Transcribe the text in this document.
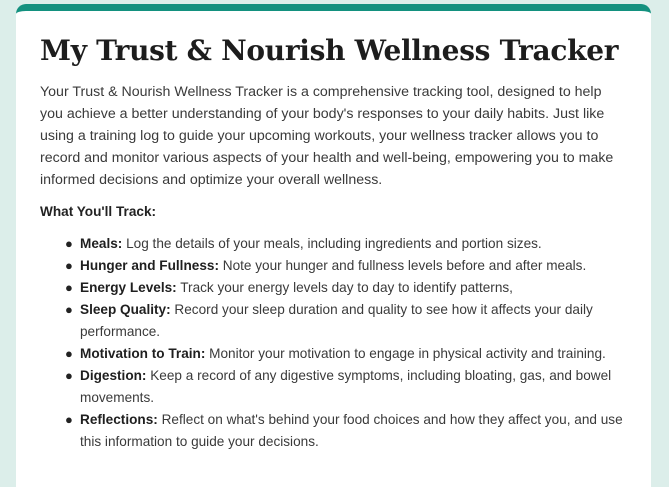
My Trust & Nourish Wellness Tracker

Your Trust & Nourish Wellness Tracker is a comprehensive tracking tool, designed to help you achieve a better understanding of your body's responses to your daily habits. Just like using a training log to guide your upcoming workouts, your wellness tracker allows you to record and monitor various aspects of your health and well-being, empowering you to make informed decisions and optimize your overall wellness.

What You'll Track:
● Meals: Log the details of your meals, including ingredients and portion sizes.
● Hunger and Fullness: Note your hunger and fullness levels before and after meals.
● Energy Levels: Track your energy levels day to day to identify patterns,
● Sleep Quality: Record your sleep duration and quality to see how it affects your daily performance.
● Motivation to Train: Monitor your motivation to engage in physical activity and training.
● Digestion: Keep a record of any digestive symptoms, including bloating, gas, and bowel movements.
● Reflections: Reflect on what's behind your food choices and how they affect you, and use this information to guide your decisions.
